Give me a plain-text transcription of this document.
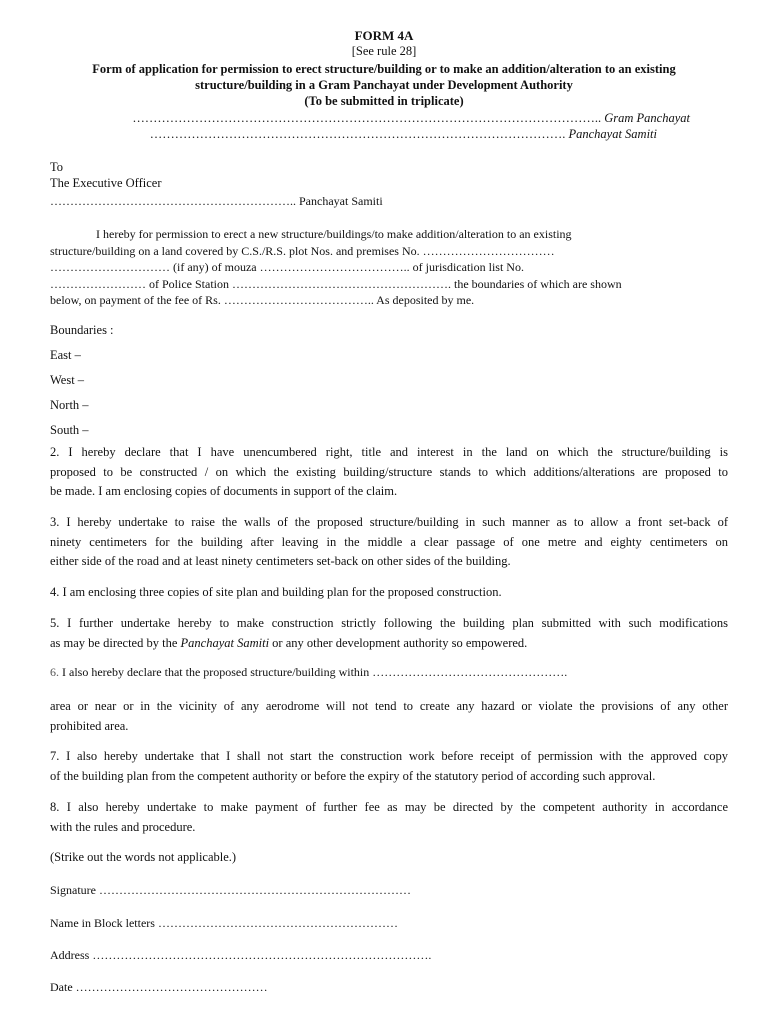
FORM 4A
[See rule 28]
Form of application for permission to erect structure/building or to make an addition/alteration to an existing
structure/building in a Gram Panchayat under Development Authority
(To be submitted in triplicate)
………………………………………………………………………………………………….. Gram Panchayat
………………………………………………………………………………………. Panchayat Samiti
To
The Executive Officer
…………………………………………………….. Panchayat Samiti
I hereby for permission to erect a new structure/buildings/to make addition/alteration to an existing
structure/building on a land covered by C.S./R.S. plot Nos. and premises No. ……………………………
………………………… (if any) of mouza ……………………………….. of jurisdication list No.
…………………… of Police Station ………………………………………………. the boundaries of which are shown
below, on payment of the fee of Rs. ……………………………….. As deposited by me.
Boundaries :
East –
West –
North –
South –
2. I hereby declare that I have unencumbered right, title and interest in the land on which the structure/building is
proposed to be constructed / on which the existing building/structure stands to which additions/alterations are proposed to
be made. I am enclosing copies of documents in support of the claim.
3. I hereby undertake to raise the walls of the proposed structure/building in such manner as to allow a front set-back of
ninety centimeters for the building after leaving in the middle a clear passage of one metre and eighty centimeters on
either side of the road and at least ninety centimeters set-back on other sides of the building.
4. I am enclosing three copies of site plan and building plan for the proposed construction.
5. I further undertake hereby to make construction strictly following the building plan submitted with such modifications
as may be directed by the Panchayat Samiti or any other development authority so empowered.
6. I also hereby declare that the proposed structure/building within ………………………………………….
area or near or in the vicinity of any aerodrome will not tend to create any hazard or violate the provisions of any other
prohibited area.
7. I also hereby undertake that I shall not start the construction work before receipt of permission with the approved copy
of the building plan from the competent authority or before the expiry of the statutory period of according such approval.
8. I also hereby undertake to make payment of further fee as may be directed by the competent authority in accordance
with the rules and procedure.
(Strike out the words not applicable.)
Signature ……………………………………………………………………
Name in Block letters ……………………………………………………
Address ………………………………………………………………………….
Date …………………………………………
